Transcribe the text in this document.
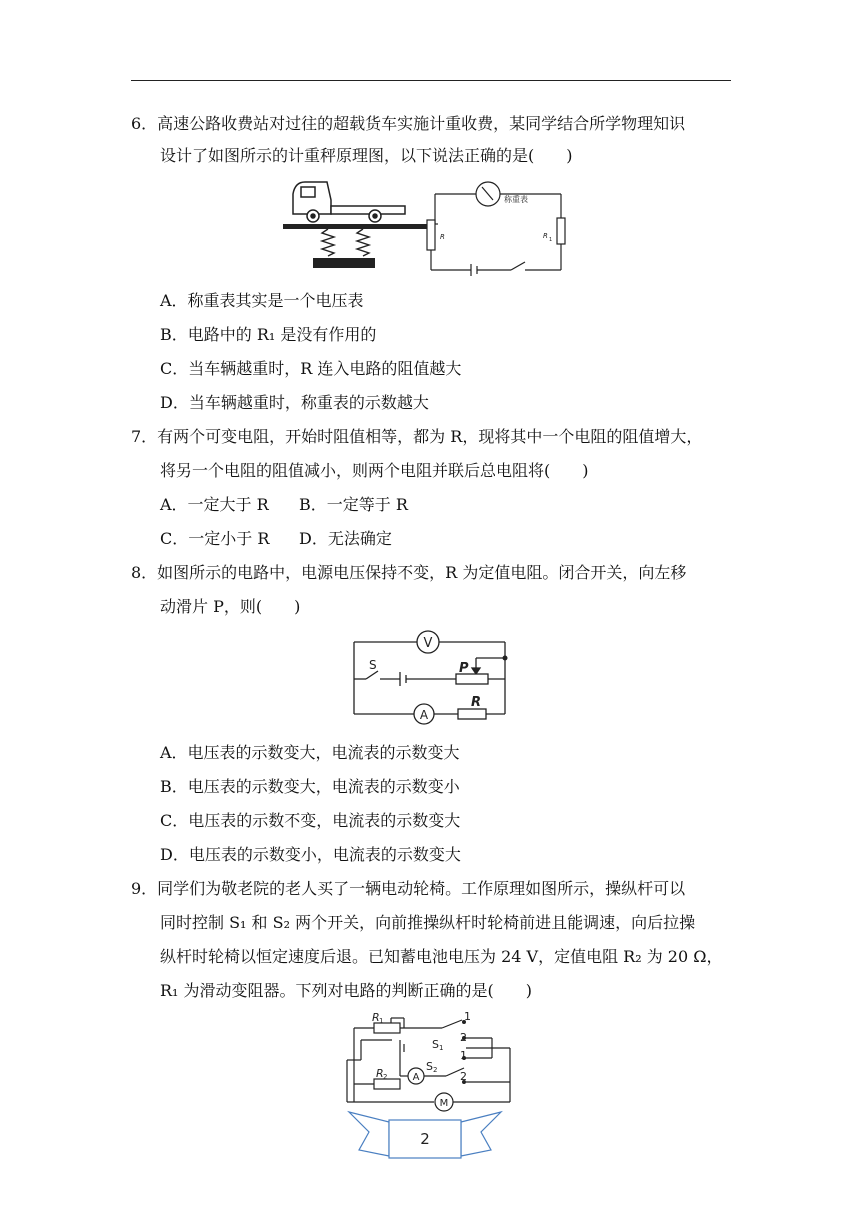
6．高速公路收费站对过往的超载货车实施计重收费，某同学结合所学物理知识
设计了如图所示的计重秤原理图，以下说法正确的是(　　)
称重表
R	R 1
A．称重表其实是一个电压表
B．电路中的 R₁ 是没有作用的
C．当车辆越重时，R 连入电路的阻值越大
D．当车辆越重时，称重表的示数越大
7．有两个可变电阻，开始时阻值相等，都为 R，现将其中一个电阻的阻值增大，
将另一个电阻的阻值减小，则两个电阻并联后总电阻将(　　)
A．一定大于 R B．一定等于 R
C．一定小于 R D．无法确定
8．如图所示的电路中，电源电压保持不变，R 为定值电阻。闭合开关，向左移
动滑片 P，则(　　)
V
A
S	P
R
A．电压表的示数变大，电流表的示数变大
B．电压表的示数变大，电流表的示数变小
C．电压表的示数不变，电流表的示数变大
D．电压表的示数变小，电流表的示数变大
9．同学们为敬老院的老人买了一辆电动轮椅。工作原理如图所示，操纵杆可以
同时控制 S₁ 和 S₂ 两个开关，向前推操纵杆时轮椅前进且能调速，向后拉操
纵杆时轮椅以恒定速度后退。已知蓄电池电压为 24 V，定值电阻 R₂ 为 20 Ω，
R₁ 为滑动变阻器。下列对电路的判断正确的是(　　)
R 1
R 2
S 1
S 2
1
2
1
2
A
M
2
